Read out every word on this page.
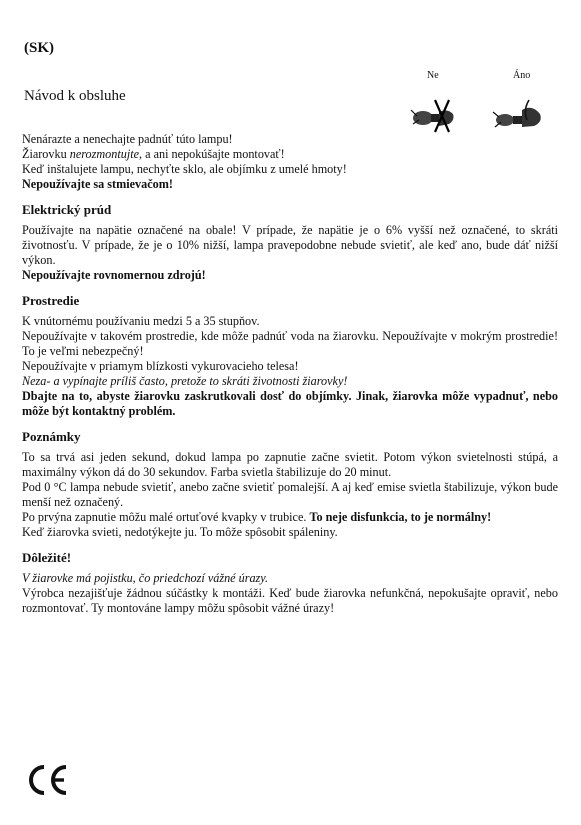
(SK)
Návod k obsluhe
Ne	Áno
Nenárazte a nenechajte padnúť túto lampu!
Žiarovku nerozmontujte, a ani nepokúšajte montovať!
Keď inštalujete lampu, nechyťte sklo, ale objímku z umelé hmoty!
Nepoužívajte sa stmievačom!
Elektrický prúd

Používajte na napätie označené na obale! V prípade, že napätie je o 6% vyšší než označené, to skráti životnosťu. V prípade, že je o 10% nižší, lampa pravepodobne nebude svietiť, ale keď ano, bude dáť nižší výkon.

Nepoužívajte rovnomernou zdrojú!

Prostredie
K vnútornému používaniu medzi 5 a 35 stupňov.
Nepoužívajte v takovém prostredie, kde môže padnúť voda na žiarovku. Nepoužívajte v mokrým prostredie! To je veľmi nebezpečný!
Nepoužívajte v priamym blízkosti vykurovacieho telesa!
Neza- a vypínajte príliš často, pretože to skráti životnosti žiarovky!
Dbajte na to, abyste žiarovku zaskrutkovali dosť do objímky. Jinak, žiarovka môže vypadnuť, nebo môže být kontaktný problém.
Poznámky

To sa trvá asi jeden sekund, dokud lampa po zapnutie začne svietit. Potom výkon svietelnosti stúpá, a maximálny výkon dá do 30 sekundov. Farba svietla štabilizuje do 20 minut.

Pod 0 °C lampa nebude svietiť, anebo začne svietiť pomalejší. A aj keď emise svietla štabilizuje, výkon bude menší než označený.

Po prvýna zapnutie môžu malé ortuťové kvapky v trubice. To neje disfunkcia, to je normálny!

Keď žiarovka svieti, nedotýkejte ju. To môže spôsobit spáleniny.

Dôležité!
V žiarovke má pojistku, čo priedchozí vážné úrazy.

Výrobca nezajišťuje žádnou súčástky k montáži. Keď bude žiarovka nefunkčná, nepokušajte opraviť, nebo rozmontovať. Ty montováne lampy môžu spôsobit vážné úrazy!
